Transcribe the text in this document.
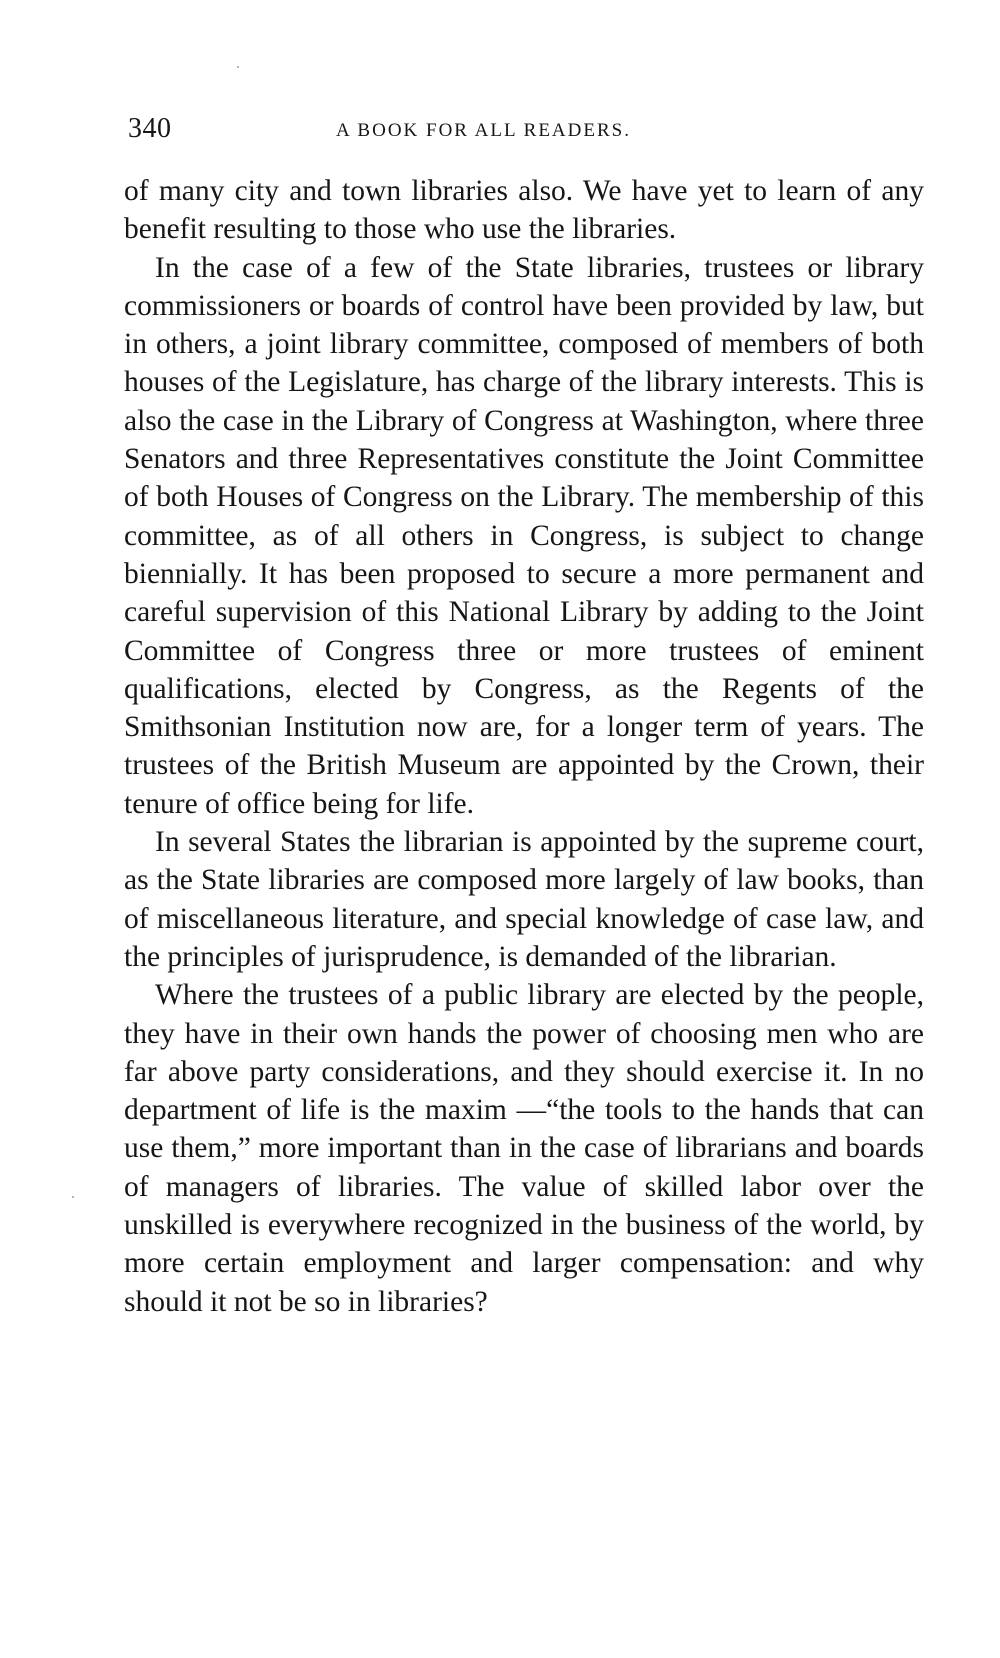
340	A BOOK FOR ALL READERS.

of many city and town libraries also. We have yet to learn of any benefit resulting to those who use the libraries.

In the case of a few of the State libraries, trustees or library commissioners or boards of control have been provided by law, but in others, a joint library committee, composed of members of both houses of the Legislature, has charge of the library interests. This is also the case in the Library of Congress at Washington, where three Senators and three Representatives constitute the Joint Committee of both Houses of Congress on the Library. The membership of this committee, as of all others in Congress, is subject to change biennially. It has been proposed to secure a more permanent and careful supervision of this National Library by adding to the Joint Committee of Congress three or more trustees of eminent qualifications, elected by Congress, as the Regents of the Smithsonian Institution now are, for a longer term of years. The trustees of the British Museum are appointed by the Crown, their tenure of office being for life.

In several States the librarian is appointed by the supreme court, as the State libraries are composed more largely of law books, than of miscellaneous literature, and special knowledge of case law, and the principles of jurisprudence, is demanded of the librarian.

Where the trustees of a public library are elected by the people, they have in their own hands the power of choosing men who are far above party considerations, and they should exercise it. In no department of life is the maxim —“the tools to the hands that can use them,” more important than in the case of librarians and boards of managers of libraries. The value of skilled labor over the unskilled is everywhere recognized in the business of the world, by more certain employment and larger compensation: and why should it not be so in libraries?
